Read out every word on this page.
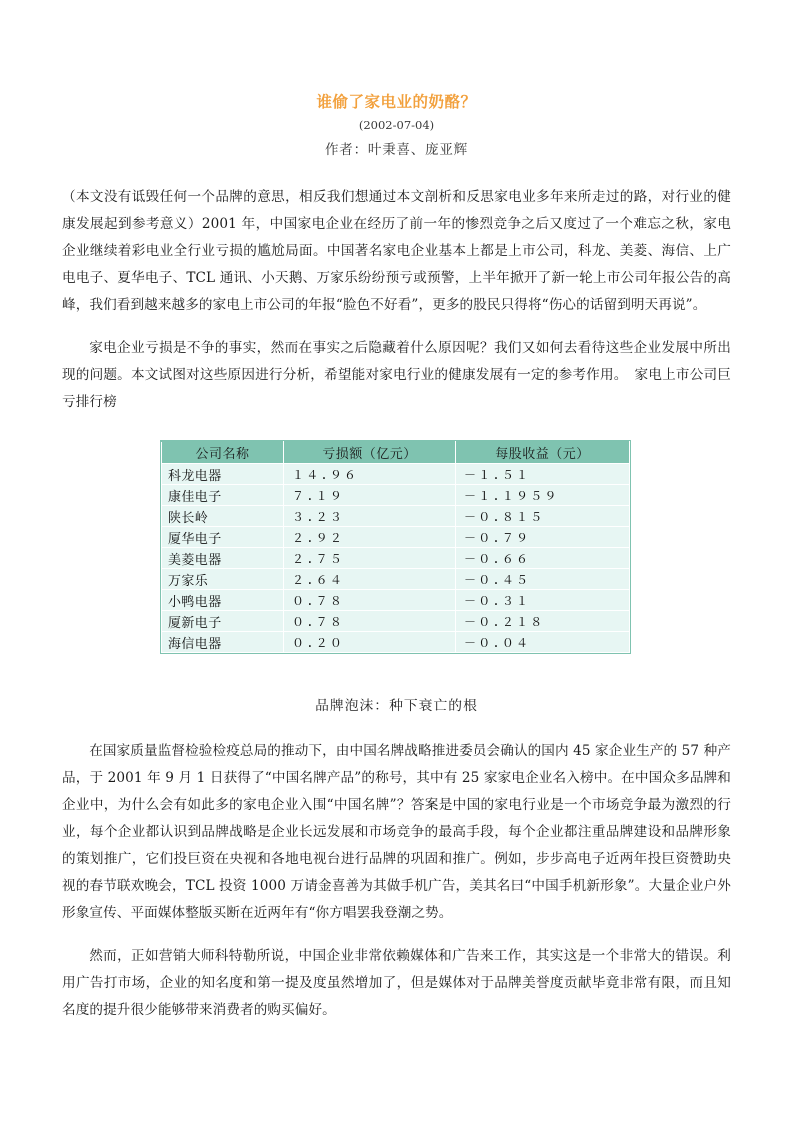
谁偷了家电业的奶酪？
(2002-07-04)
作者：叶秉喜、庞亚辉

（本文没有诋毁任何一个品牌的意思，相反我们想通过本文剖析和反思家电业多年来所走过的路，对行业的健康发展起到参考意义）2001 年，中国家电企业在经历了前一年的惨烈竞争之后又度过了一个难忘之秋，家电企业继续着彩电业全行业亏损的尴尬局面。中国著名家电企业基本上都是上市公司，科龙、美菱、海信、上广电电子、夏华电子、TCL 通讯、小天鹅、万家乐纷纷预亏或预警，上半年掀开了新一轮上市公司年报公告的高峰，我们看到越来越多的家电上市公司的年报“脸色不好看”，更多的股民只得将“伤心的话留到明天再说”。

家电企业亏损是不争的事实，然而在事实之后隐藏着什么原因呢？我们又如何去看待这些企业发展中所出现的问题。本文试图对这些原因进行分析，希望能对家电行业的健康发展有一定的参考作用。　家电上市公司巨亏排行榜

公司名称	亏损额（亿元）	每股收益（元）
科龙电器	１４.９６	－１.５１
康佳电子	７.１９	－１.１９５９
陕长岭	３.２３	－０.８１５
厦华电子	２.９２	－０.７９
美菱电器	２.７５	－０.６６
万家乐	２.６４	－０.４５
小鸭电器	０.７８	－０.３１
厦新电子	０.７８	－０.２１８
海信电器	０.２０	－０.０４
品牌泡沫：种下衰亡的根

在国家质量监督检验检疫总局的推动下，由中国名牌战略推进委员会确认的国内 45 家企业生产的 57 种产品，于 2001 年 9 月 1 日获得了“中国名牌产品”的称号，其中有 25 家家电企业名入榜中。在中国众多品牌和企业中，为什么会有如此多的家电企业入围“中国名牌”？答案是中国的家电行业是一个市场竞争最为激烈的行业，每个企业都认识到品牌战略是企业长远发展和市场竞争的最高手段，每个企业都注重品牌建设和品牌形象的策划推广，它们投巨资在央视和各地电视台进行品牌的巩固和推广。例如，步步高电子近两年投巨资赞助央视的春节联欢晚会，TCL 投资 1000 万请金喜善为其做手机广告，美其名曰“中国手机新形象”。大量企业户外形象宣传、平面媒体整版买断在近两年有“你方唱罢我登潮之势。

然而，正如营销大师科特勒所说，中国企业非常依赖媒体和广告来工作，其实这是一个非常大的错误。利用广告打市场，企业的知名度和第一提及度虽然增加了，但是媒体对于品牌美誉度贡献毕竟非常有限，而且知名度的提升很少能够带来消费者的购买偏好。
